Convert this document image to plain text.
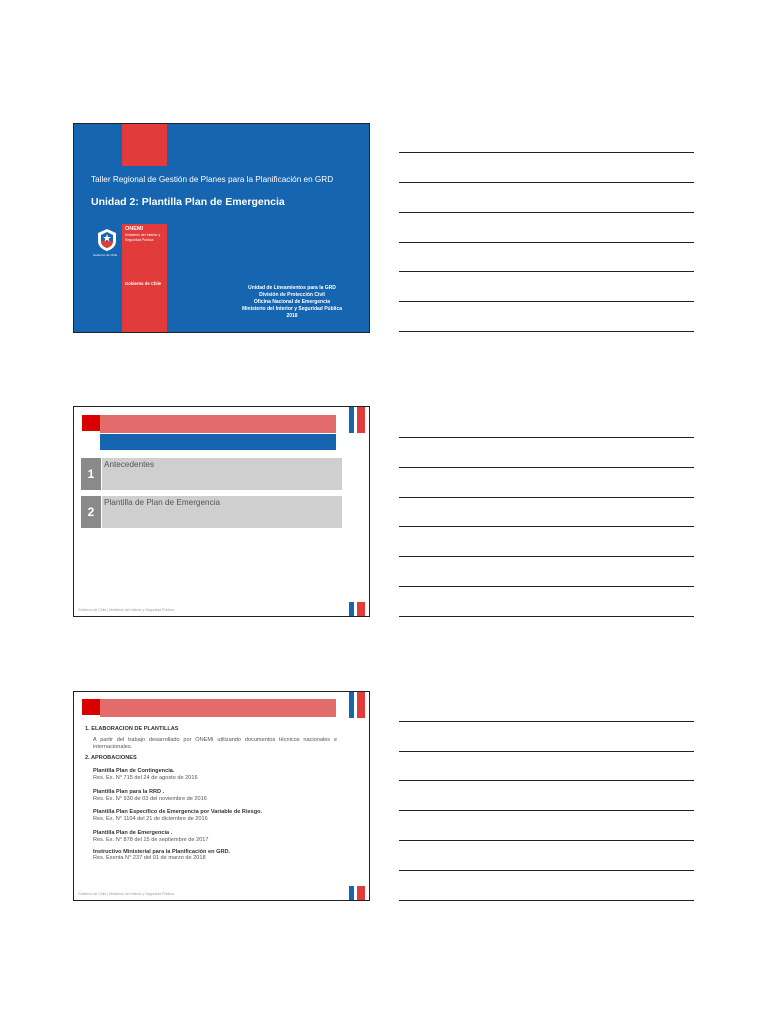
Taller Regional de Gestión de Planes para la Planificación en GRD
Unidad 2: Plantilla Plan de Emergencia
Gobierno de Chile
ONEMI
Ministerio del Interior y Seguridad Pública
Gobierno de Chile
Unidad de Lineamientos para la GRD
División de Protección Civil
Oficina Nacional de Emergencia
Ministerio del Interior y Seguridad Pública
2018
1
Antecedentes
2
Plantilla de Plan de Emergencia
Gobierno de Chile | Ministerio del Interior y Seguridad Pública
1. ELABORACION DE PLANTILLAS

A partir del trabajo desarrollado por ONEMI utilizando documentos técnicos nacionales e internacionales.

2. APROBACIONES
Plantilla Plan de Contingencia.
Res. Ex. N° 715 del 24 de agosto de 2016
Plantilla Plan para la RRD .
Res. Ex. N° 930 de 03 del noviembre de 2016
Plantilla Plan Específico de Emergencia por Variable de Riesgo.
Res. Ex. N° 1104 del 21 de diciembre de 2016
Plantilla Plan de Emergencia .
Res. Ex. N° 878 del 15 de septiembre de 2017
Instructivo Ministerial para la Planificación en GRD.
Res. Exenta N° 237 del 01 de marzo de 2018
Gobierno de Chile | Ministerio del Interior y Seguridad Pública
